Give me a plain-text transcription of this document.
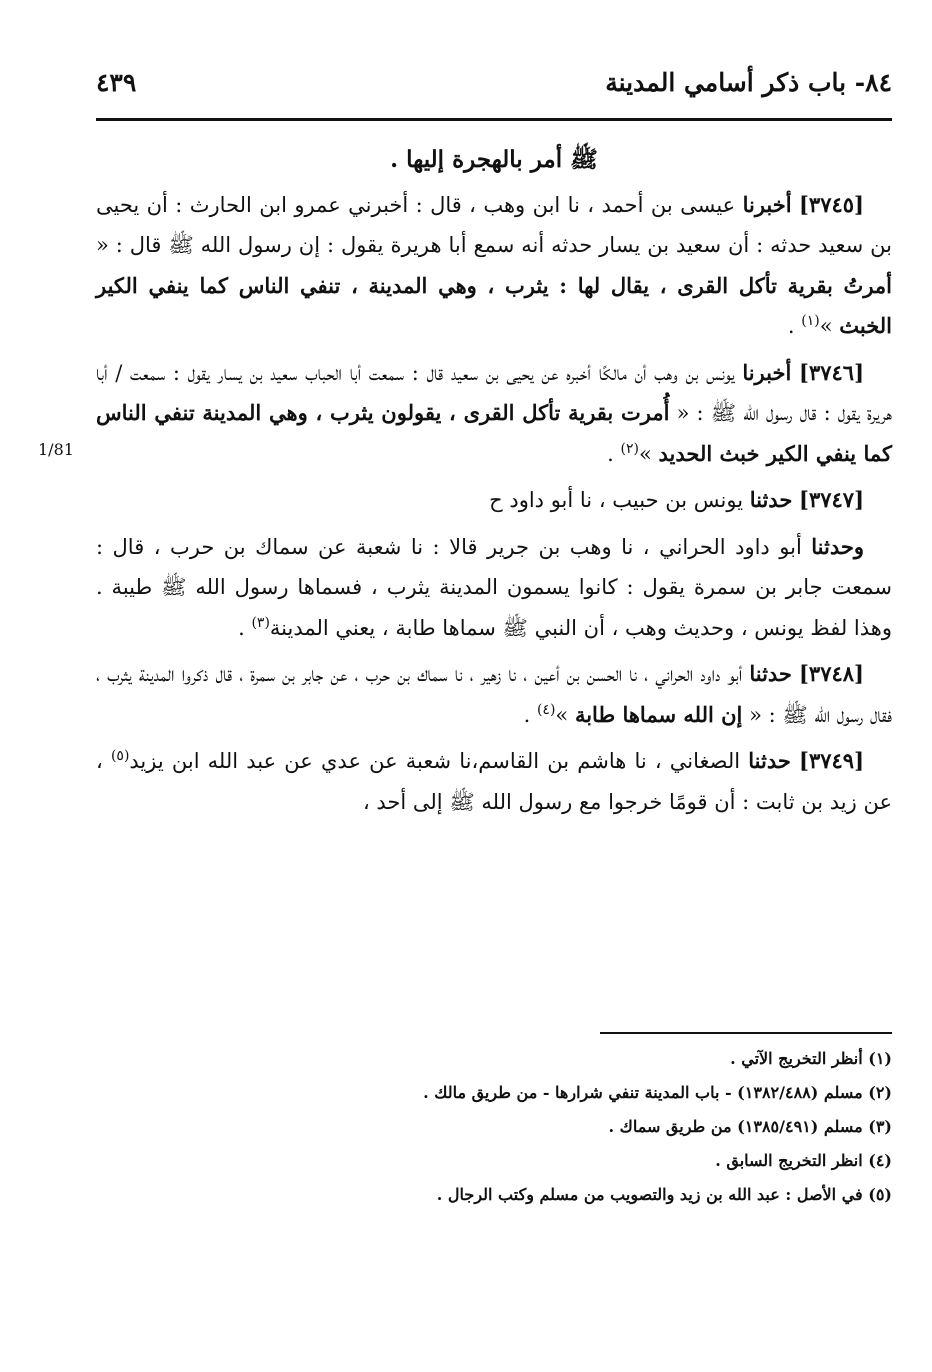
٨٤- باب ذكر أسامي المدينة
٤٣٩
1/81

ﷺ أمر بالهجرة إليها .

[٣٧٤٥] أخبرنا عيسى بن أحمد ، نا ابن وهب ، قال : أخبرني عمرو ابن الحارث : أن يحيى بن سعيد حدثه : أن سعيد بن يسار حدثه أنه سمع أبا هريرة يقول : إن رسول الله ﷺ قال : « أمرتُ بقرية تأكل القرى ، يقال لها : يثرب ، وهي المدينة ، تنفي الناس كما ينفي الكير الخبث »$^{(١)}$ .

[٣٧٤٦] أخبرنا يونس بن وهب أن مالكًا أخبره عن يحيى بن سعيد قال : سمعت أبا الحباب سعيد بن يسار يقول : سمعت / أبا هريرة يقول : قال رسول الله ﷺ : « أُمرت بقرية تأكل القرى ، يقولون يثرب ، وهي المدينة تنفي الناس كما ينفي الكير خبث الحديد »$^{(٢)}$ .

[٣٧٤٧] حدثنا يونس بن حبيب ، نا أبو داود ح

وحدثنا أبو داود الحراني ، نا وهب بن جرير قالا : نا شعبة عن سماك بن حرب ، قال : سمعت جابر بن سمرة يقول : كانوا يسمون المدينة يثرب ، فسماها رسول الله ﷺ طيبة . وهذا لفظ يونس ، وحديث وهب ، أن النبي ﷺ سماها طابة ، يعني المدينة$^{(٣)}$ .

[٣٧٤٨] حدثنا أبو داود الحراني ، نا الحسن بن أعين ، نا زهير ، نا سماك بن حرب ، عن جابر بن سمرة ، قال ذكروا المدينة يثرب ، فقال رسول الله ﷺ : « إن الله سماها طابة »$^{(٤)}$ .

[٣٧٤٩] حدثنا الصغاني ، نا هاشم بن القاسم،نا شعبة عن عدي عن عبد الله ابن يزيد$^{(٥)}$ ، عن زيد بن ثابت : أن قومًا خرجوا مع رسول الله ﷺ إلى أحد ،

(١) أنظر التخريج الآتي .
(٢) مسلم (١٣٨٢/٤٨٨) - باب المدينة تنفي شرارها - من طريق مالك .
(٣) مسلم (١٣٨٥/٤٩١) من طريق سماك .
(٤) انظر التخريج السابق .
(٥) في الأصل : عبد الله بن زيد والتصويب من مسلم وكتب الرجال .
